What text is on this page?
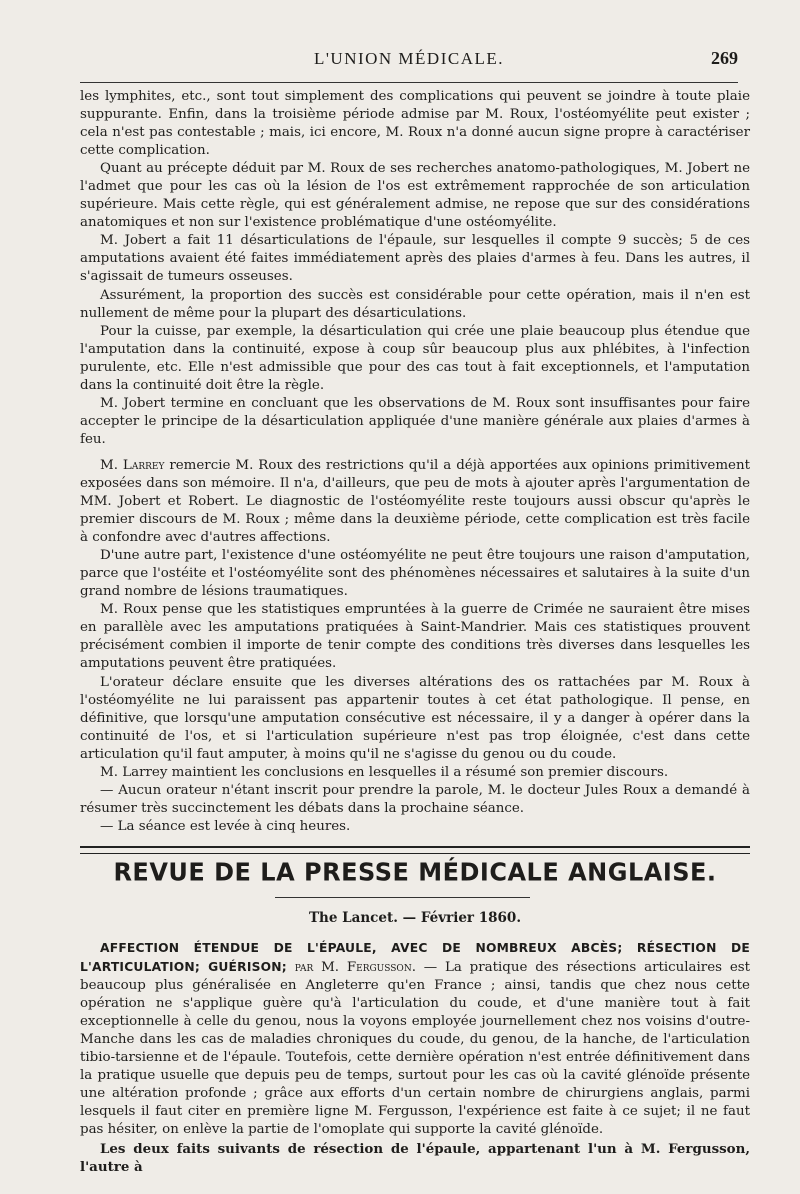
L'UNION MÉDICALE.	269

les lymphites, etc., sont tout simplement des complications qui peuvent se joindre à toute plaie suppurante. Enfin, dans la troisième période admise par M. Roux, l'ostéomyélite peut exister ; cela n'est pas contestable ; mais, ici encore, M. Roux n'a donné aucun signe propre à caractériser cette complication.

Quant au précepte déduit par M. Roux de ses recherches anatomo-pathologiques, M. Jobert ne l'admet que pour les cas où la lésion de l'os est extrêmement rapprochée de son articulation supérieure. Mais cette règle, qui est généralement admise, ne repose que sur des considérations anatomiques et non sur l'existence problématique d'une ostéomyélite.

M. Jobert a fait 11 désarticulations de l'épaule, sur lesquelles il compte 9 succès; 5 de ces amputations avaient été faites immédiatement après des plaies d'armes à feu. Dans les autres, il s'agissait de tumeurs osseuses.

Assurément, la proportion des succès est considérable pour cette opération, mais il n'en est nullement de même pour la plupart des désarticulations.

Pour la cuisse, par exemple, la désarticulation qui crée une plaie beaucoup plus étendue que l'amputation dans la continuité, expose à coup sûr beaucoup plus aux phlébites, à l'infection purulente, etc. Elle n'est admissible que pour des cas tout à fait exceptionnels, et l'amputation dans la continuité doit être la règle.

M. Jobert termine en concluant que les observations de M. Roux sont insuffisantes pour faire accepter le principe de la désarticulation appliquée d'une manière générale aux plaies d'armes à feu.

M. Larrey remercie M. Roux des restrictions qu'il a déjà apportées aux opinions primitivement exposées dans son mémoire. Il n'a, d'ailleurs, que peu de mots à ajouter après l'argumentation de MM. Jobert et Robert. Le diagnostic de l'ostéomyélite reste toujours aussi obscur qu'après le premier discours de M. Roux ; même dans la deuxième période, cette complication est très facile à confondre avec d'autres affections.

D'une autre part, l'existence d'une ostéomyélite ne peut être toujours une raison d'amputation, parce que l'ostéite et l'ostéomyélite sont des phénomènes nécessaires et salutaires à la suite d'un grand nombre de lésions traumatiques.

M. Roux pense que les statistiques empruntées à la guerre de Crimée ne sauraient être mises en parallèle avec les amputations pratiquées à Saint-Mandrier. Mais ces statistiques prouvent précisément combien il importe de tenir compte des conditions très diverses dans lesquelles les amputations peuvent être pratiquées.

L'orateur déclare ensuite que les diverses altérations des os rattachées par M. Roux à l'ostéomyélite ne lui paraissent pas appartenir toutes à cet état pathologique. Il pense, en définitive, que lorsqu'une amputation consécutive est nécessaire, il y a danger à opérer dans la continuité de l'os, et si l'articulation supérieure n'est pas trop éloignée, c'est dans cette articulation qu'il faut amputer, à moins qu'il ne s'agisse du genou ou du coude.

M. Larrey maintient les conclusions en lesquelles il a résumé son premier discours.

— Aucun orateur n'étant inscrit pour prendre la parole, M. le docteur Jules Roux a demandé à résumer très succinctement les débats dans la prochaine séance.

— La séance est levée à cinq heures.

REVUE DE LA PRESSE MÉDICALE ANGLAISE.
The Lancet. — Février 1860.

AFFECTION ÉTENDUE DE L'ÉPAULE, AVEC DE NOMBREUX ABCÈS; RÉSECTION DE L'ARTICULATION; GUÉRISON; par M. Fergusson. — La pratique des résections articulaires est beaucoup plus généralisée en Angleterre qu'en France ; ainsi, tandis que chez nous cette opération ne s'applique guère qu'à l'articulation du coude, et d'une manière tout à fait exceptionnelle à celle du genou, nous la voyons employée journellement chez nos voisins d'outre-Manche dans les cas de maladies chroniques du coude, du genou, de la hanche, de l'articulation tibio-tarsienne et de l'épaule. Toutefois, cette dernière opération n'est entrée définitivement dans la pratique usuelle que depuis peu de temps, surtout pour les cas où la cavité glénoïde présente une altération profonde ; grâce aux efforts d'un certain nombre de chirurgiens anglais, parmi lesquels il faut citer en première ligne M. Fergusson, l'expérience est faite à ce sujet; il ne faut pas hésiter, on enlève la partie de l'omoplate qui supporte la cavité glénoïde.

Les deux faits suivants de résection de l'épaule, appartenant l'un à M. Fergusson, l'autre à
